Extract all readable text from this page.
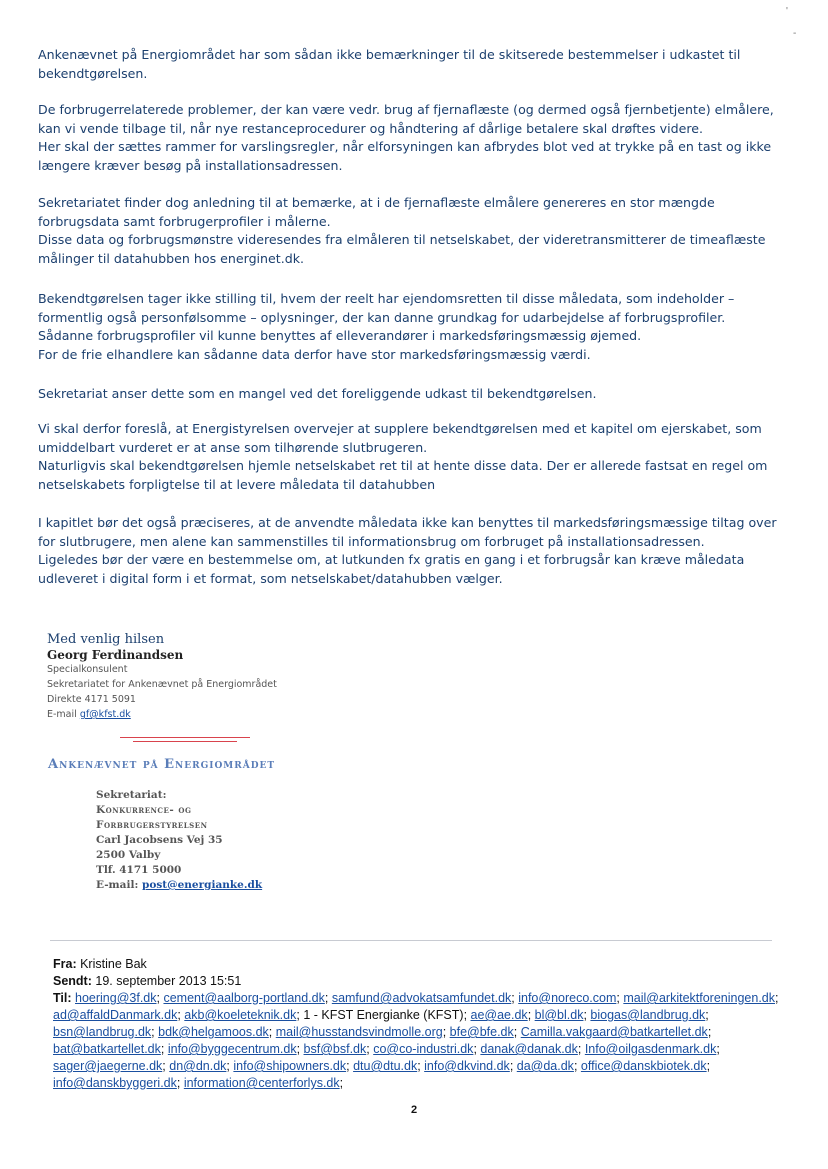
'
-

Ankenævnet på Energiområdet har som sådan ikke bemærkninger til de skitserede bestemmelser i udkastet til
bekendtgørelsen.

De forbrugerrelaterede problemer, der kan være vedr. brug af fjernaflæste (og dermed også fjernbetjente) elmålere,
kan vi vende tilbage til, når nye restanceprocedurer og håndtering af dårlige betalere skal drøftes videre.
Her skal der sættes rammer for varslingsregler, når elforsyningen kan afbrydes blot ved at trykke på en tast og ikke
længere kræver besøg på installationsadressen.

Sekretariatet finder dog anledning til at bemærke, at i de fjernaflæste elmålere genereres en stor mængde
forbrugsdata samt forbrugerprofiler i målerne.
Disse data og forbrugsmønstre videresendes fra elmåleren til netselskabet, der videretransmitterer de timeaflæste
målinger til datahubben hos energinet.dk.

Bekendtgørelsen tager ikke stilling til, hvem der reelt har ejendomsretten til disse måledata, som indeholder –
formentlig også personfølsomme – oplysninger, der kan danne grundkag for udarbejdelse af forbrugsprofiler.
Sådanne forbrugsprofiler vil kunne benyttes af elleverandører i markedsføringsmæssig øjemed.
For de frie elhandlere kan sådanne data derfor have stor markedsføringsmæssig værdi.

Sekretariat anser dette som en mangel ved det foreliggende udkast til bekendtgørelsen.

Vi skal derfor foreslå, at Energistyrelsen overvejer at supplere bekendtgørelsen med et kapitel om ejerskabet, som
umiddelbart vurderet er at anse som tilhørende slutbrugeren.
Naturligvis skal bekendtgørelsen hjemle netselskabet ret til at hente disse data. Der er allerede fastsat en regel om
netselskabets forpligtelse til at levere måledata til datahubben

I kapitlet bør det også præciseres, at de anvendte måledata ikke kan benyttes til markedsføringsmæssige tiltag over
for slutbrugere, men alene kan sammenstilles til informationsbrug om forbruget på installationsadressen.
Ligeledes bør der være en bestemmelse om, at lutkunden fx gratis en gang i et forbrugsår kan kræve måledata
udleveret i digital form i et format, som netselskabet/datahubben vælger.

Med venlig hilsen
Georg Ferdinandsen
Specialkonsulent
Sekretariatet for Ankenævnet på Energiområdet
Direkte 4171 5091
E-mail gf@kfst.dk
Ankenævnet på Energiområdet
Sekretariat:
Konkurrence- og
Forbrugerstyrelsen
Carl Jacobsens Vej 35
2500 Valby
Tlf. 4171 5000
E-mail: post@energianke.dk
Fra: Kristine Bak
Sendt: 19. september 2013 15:51
Til: hoering@3f.dk; cement@aalborg-portland.dk; samfund@advokatsamfundet.dk; info@noreco.com; mail@arkitektforeningen.dk; ad@affaldDanmark.dk; akb@koeleteknik.dk; 1 - KFST Energianke (KFST); ae@ae.dk; bl@bl.dk; biogas@landbrug.dk; bsn@landbrug.dk; bdk@helgamoos.dk; mail@husstandsvindmolle.org; bfe@bfe.dk; Camilla.vakgaard@batkartellet.dk; bat@batkartellet.dk; info@byggecentrum.dk; bsf@bsf.dk; co@co-industri.dk; danak@danak.dk; Info@oilgasdenmark.dk; sager@jaegerne.dk; dn@dn.dk; info@shipowners.dk; dtu@dtu.dk; info@dkvind.dk; da@da.dk; office@danskbiotek.dk; info@danskbyggeri.dk; information@centerforlys.dk;
2
